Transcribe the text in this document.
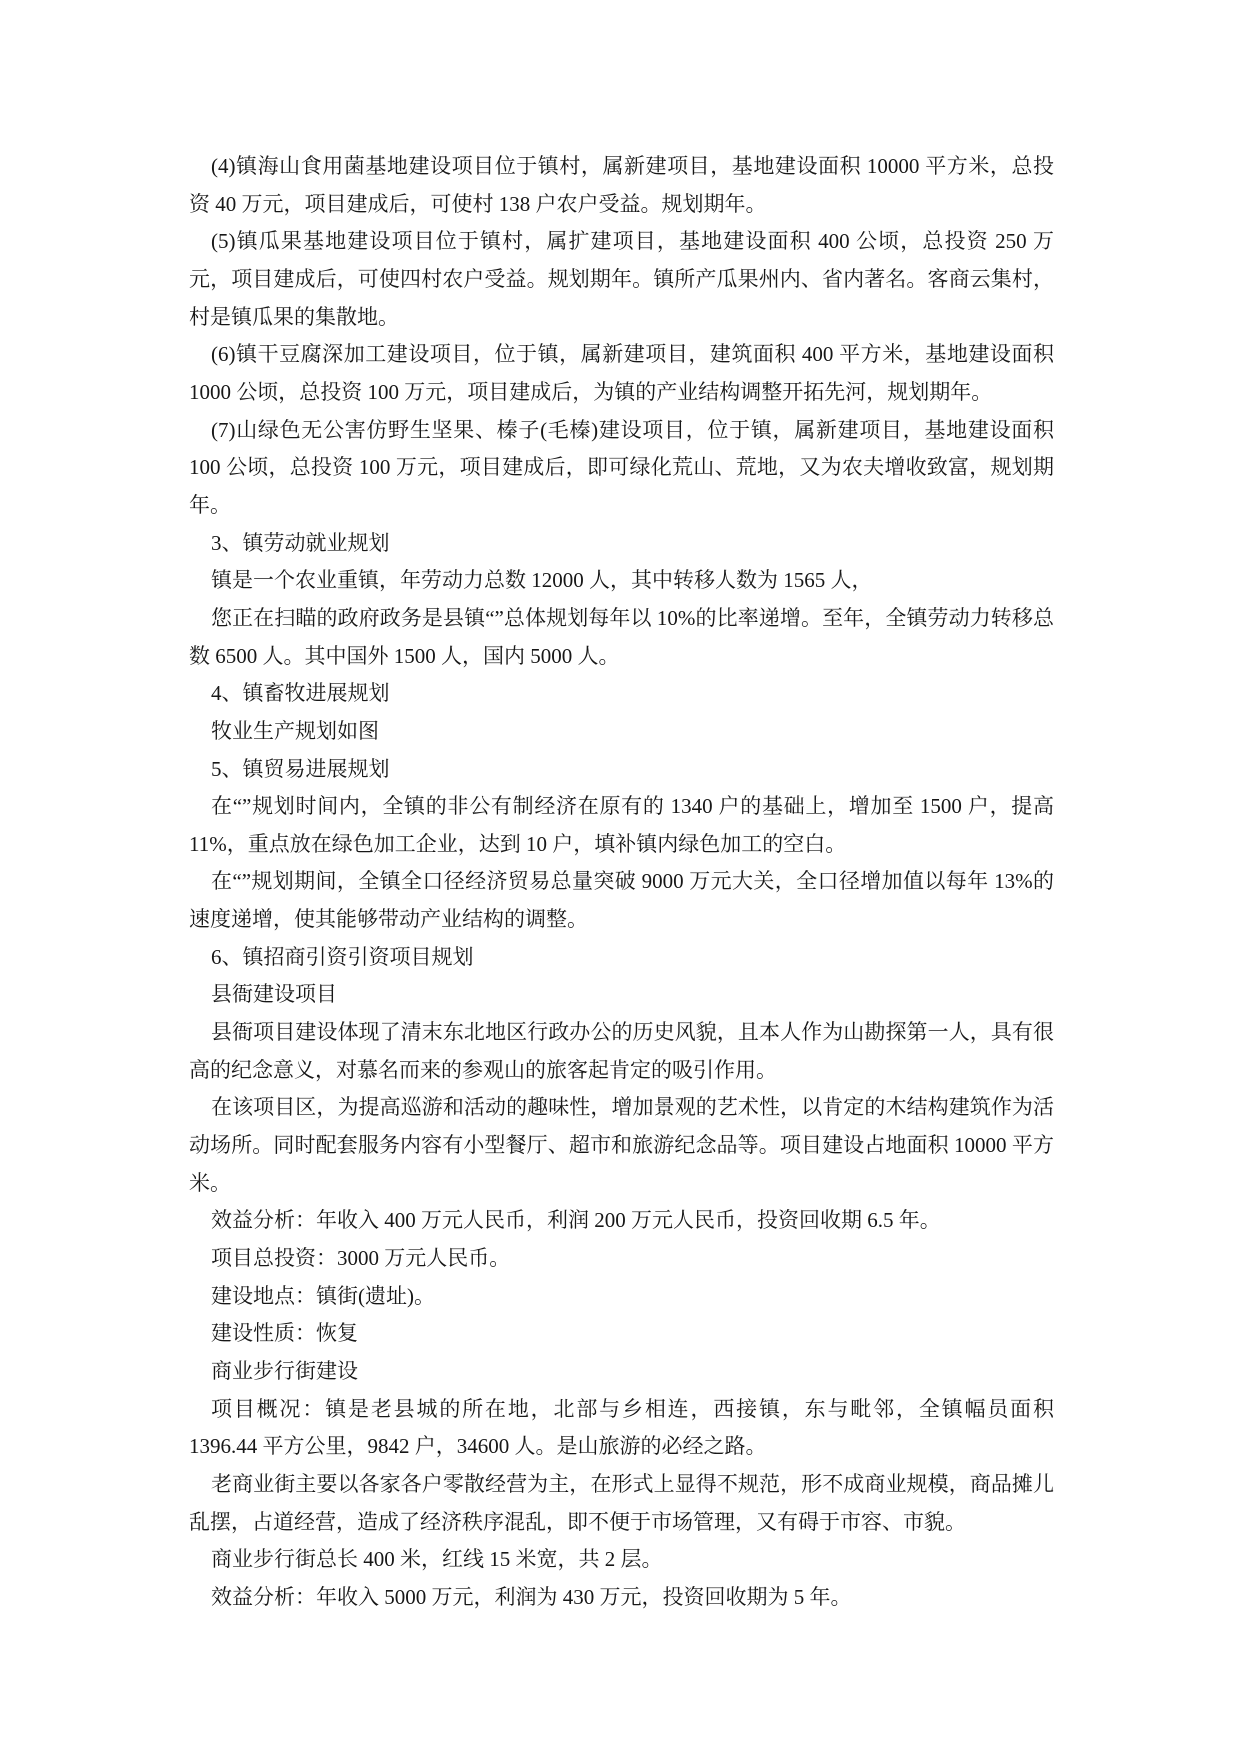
(4)镇海山食用菌基地建设项目位于镇村，属新建项目，基地建设面积 10000 平方米，总投资 40 万元，项目建成后，可使村 138 户农户受益。规划期年。

(5)镇瓜果基地建设项目位于镇村，属扩建项目，基地建设面积 400 公顷，总投资 250 万元，项目建成后，可使四村农户受益。规划期年。镇所产瓜果州内、省内著名。客商云集村，村是镇瓜果的集散地。

(6)镇干豆腐深加工建设项目，位于镇，属新建项目，建筑面积 400 平方米，基地建设面积 1000 公顷，总投资 100 万元，项目建成后，为镇的产业结构调整开拓先河，规划期年。

(7)山绿色无公害仿野生坚果、榛子(毛榛)建设项目，位于镇，属新建项目，基地建设面积 100 公顷，总投资 100 万元，项目建成后，即可绿化荒山、荒地，又为农夫增收致富，规划期年。

3、镇劳动就业规划

镇是一个农业重镇，年劳动力总数 12000 人，其中转移人数为 1565 人，

您正在扫瞄的政府政务是县镇“”总体规划每年以 10%的比率递增。至年，全镇劳动力转移总数 6500 人。其中国外 1500 人，国内 5000 人。

4、镇畜牧进展规划

牧业生产规划如图

5、镇贸易进展规划

在“”规划时间内，全镇的非公有制经济在原有的 1340 户的基础上，增加至 1500 户，提高 11%，重点放在绿色加工企业，达到 10 户，填补镇内绿色加工的空白。

在“”规划期间，全镇全口径经济贸易总量突破 9000 万元大关，全口径增加值以每年 13%的速度递增，使其能够带动产业结构的调整。

6、镇招商引资引资项目规划

县衙建设项目

县衙项目建设体现了清末东北地区行政办公的历史风貌，且本人作为山勘探第一人，具有很高的纪念意义，对慕名而来的参观山的旅客起肯定的吸引作用。

在该项目区，为提高巡游和活动的趣味性，增加景观的艺术性，以肯定的木结构建筑作为活动场所。同时配套服务内容有小型餐厅、超市和旅游纪念品等。项目建设占地面积 10000 平方米。

效益分析：年收入 400 万元人民币，利润 200 万元人民币，投资回收期 6.5 年。

项目总投资：3000 万元人民币。

建设地点：镇街(遗址)。

建设性质：恢复

商业步行街建设

项目概况：镇是老县城的所在地，北部与乡相连，西接镇，东与毗邻，全镇幅员面积 1396.44 平方公里，9842 户，34600 人。是山旅游的必经之路。

老商业街主要以各家各户零散经营为主，在形式上显得不规范，形不成商业规模，商品摊儿乱摆，占道经营，造成了经济秩序混乱，即不便于市场管理，又有碍于市容、市貌。

商业步行街总长 400 米，红线 15 米宽，共 2 层。

效益分析：年收入 5000 万元，利润为 430 万元，投资回收期为 5 年。
